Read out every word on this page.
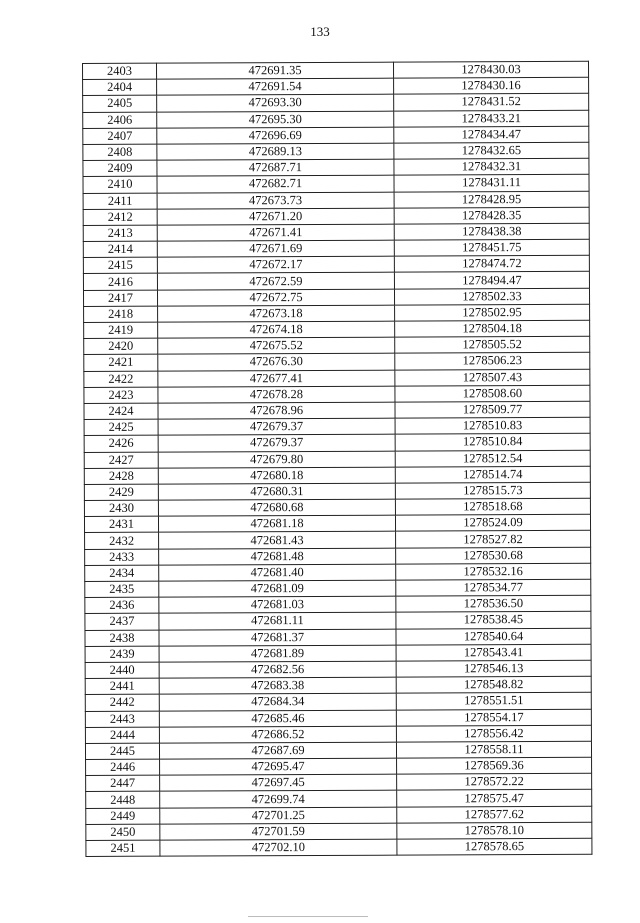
133
2403	472691.35	1278430.03
2404	472691.54	1278430.16
2405	472693.30	1278431.52
2406	472695.30	1278433.21
2407	472696.69	1278434.47
2408	472689.13	1278432.65
2409	472687.71	1278432.31
2410	472682.71	1278431.11
2411	472673.73	1278428.95
2412	472671.20	1278428.35
2413	472671.41	1278438.38
2414	472671.69	1278451.75
2415	472672.17	1278474.72
2416	472672.59	1278494.47
2417	472672.75	1278502.33
2418	472673.18	1278502.95
2419	472674.18	1278504.18
2420	472675.52	1278505.52
2421	472676.30	1278506.23
2422	472677.41	1278507.43
2423	472678.28	1278508.60
2424	472678.96	1278509.77
2425	472679.37	1278510.83
2426	472679.37	1278510.84
2427	472679.80	1278512.54
2428	472680.18	1278514.74
2429	472680.31	1278515.73
2430	472680.68	1278518.68
2431	472681.18	1278524.09
2432	472681.43	1278527.82
2433	472681.48	1278530.68
2434	472681.40	1278532.16
2435	472681.09	1278534.77
2436	472681.03	1278536.50
2437	472681.11	1278538.45
2438	472681.37	1278540.64
2439	472681.89	1278543.41
2440	472682.56	1278546.13
2441	472683.38	1278548.82
2442	472684.34	1278551.51
2443	472685.46	1278554.17
2444	472686.52	1278556.42
2445	472687.69	1278558.11
2446	472695.47	1278569.36
2447	472697.45	1278572.22
2448	472699.74	1278575.47
2449	472701.25	1278577.62
2450	472701.59	1278578.10
2451	472702.10	1278578.65
